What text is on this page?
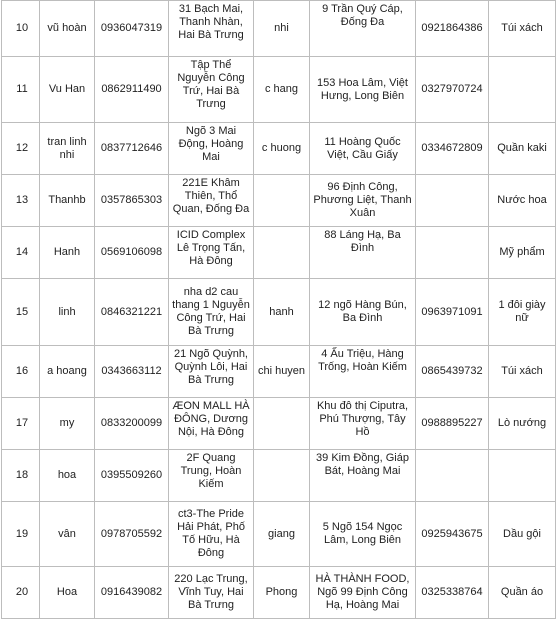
10	vũ hoàn	0936047319	31 Bạch Mai, Thanh Nhàn, Hai Bà Trưng	nhi	9 Trần Quý Cáp, Đống Đa	0921864386	Túi xách
11	Vu Han	0862911490	Tập Thể Nguyễn Công Trứ, Hai Bà Trưng	c hang	153 Hoa Lâm, Việt Hưng, Long Biên	0327970724	
12	tran linh nhi	0837712646	Ngõ 3 Mai Động, Hoàng Mai	c huong	11 Hoàng Quốc Việt, Cầu Giấy	0334672809	Quần kaki
13	Thanhb	0357865303	221E Khâm Thiên, Thổ Quan, Đống Đa		96 Định Công, Phương Liệt, Thanh Xuân		Nước hoa
14	Hanh	0569106098	ICID Complex Lê Trọng Tấn, Hà Đông		88 Láng Hạ, Ba Đình		Mỹ phẩm
15	linh	0846321221	nha d2 cau thang 1 Nguyễn Công Trứ, Hai Bà Trưng	hanh	12 ngõ Hàng Bún, Ba Đình	0963971091	1 đôi giày nữ
16	a hoang	0343663112	21 Ngõ Quỳnh, Quỳnh Lôi, Hai Bà Trưng	chi huyen	4 Ấu Triệu, Hàng Trống, Hoàn Kiếm	0865439732	Túi xách
17	my	0833200099	ÆON MALL HÀ ĐÔNG, Dương Nội, Hà Đông		Khu đô thị Ciputra, Phú Thượng, Tây Hồ	0988895227	Lò nướng
18	hoa	0395509260	2F Quang Trung, Hoàn Kiếm		39 Kim Đồng, Giáp Bát, Hoàng Mai		
19	vân	0978705592	ct3-The Pride Hải Phát, Phố Tố Hữu, Hà Đông	giang	5 Ngõ 154 Ngọc Lâm, Long Biên	0925943675	Dầu gội
20	Hoa	0916439082	220 Lạc Trung, Vĩnh Tuy, Hai Bà Trưng	Phong	HÀ THÀNH FOOD, Ngõ 99 Định Công Hạ, Hoàng Mai	0325338764	Quần áo
